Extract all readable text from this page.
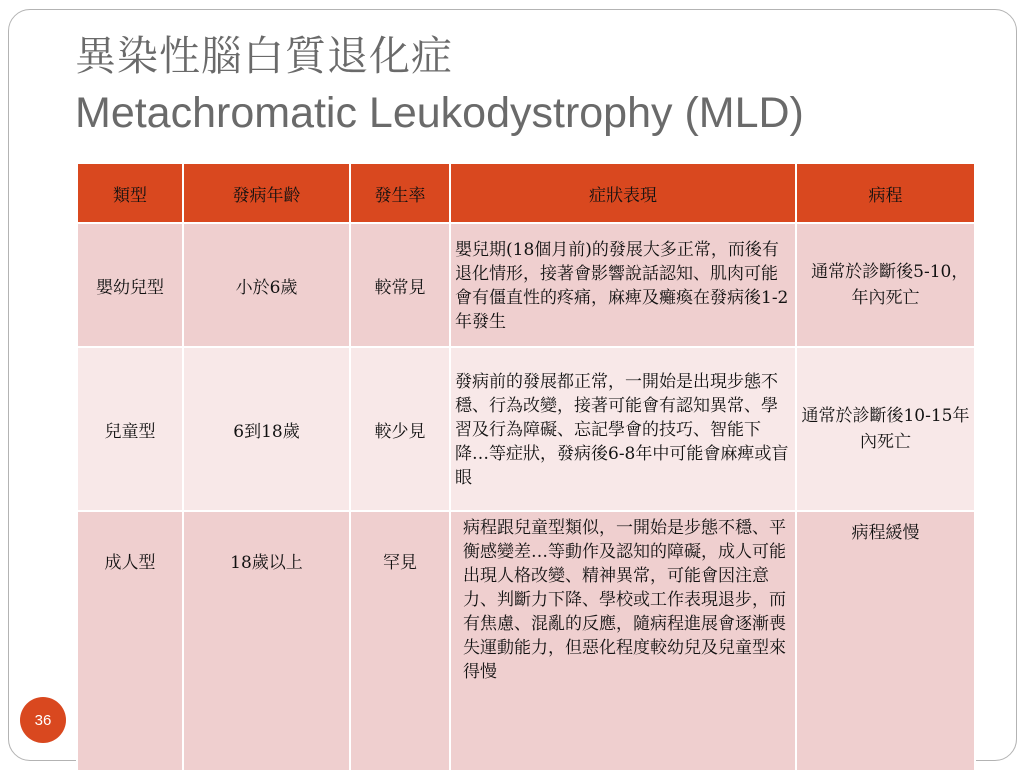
異染性腦白質退化症
Metachromatic Leukodystrophy (MLD)
類型	發病年齡	發生率	症狀表現	病程
嬰幼兒型	小於6歲	較常見	嬰兒期(18個月前)的發展大多正常，而後有退化情形，接著會影響說話認知、肌肉可能會有僵直性的疼痛，麻痺及癱瘓在發病後1-2年發生	通常於診斷後5-10，　年內死亡
兒童型	6到18歲	較少見	發病前的發展都正常，一開始是出現步態不穩、行為改變，接著可能會有認知異常、學習及行為障礙、忘記學會的技巧、智能下降…等症狀，發病後6-8年中可能會麻痺或盲眼	通常於診斷後10-15年內死亡
成人型	18歲以上	罕見	病程跟兒童型類似，一開始是步態不穩、平衡感變差…等動作及認知的障礙，成人可能出現人格改變、精神異常，可能會因注意力、判斷力下降、學校或工作表現退步，而有焦慮、混亂的反應，隨病程進展會逐漸喪失運動能力，但惡化程度較幼兒及兒童型來得慢	病程緩慢
36
